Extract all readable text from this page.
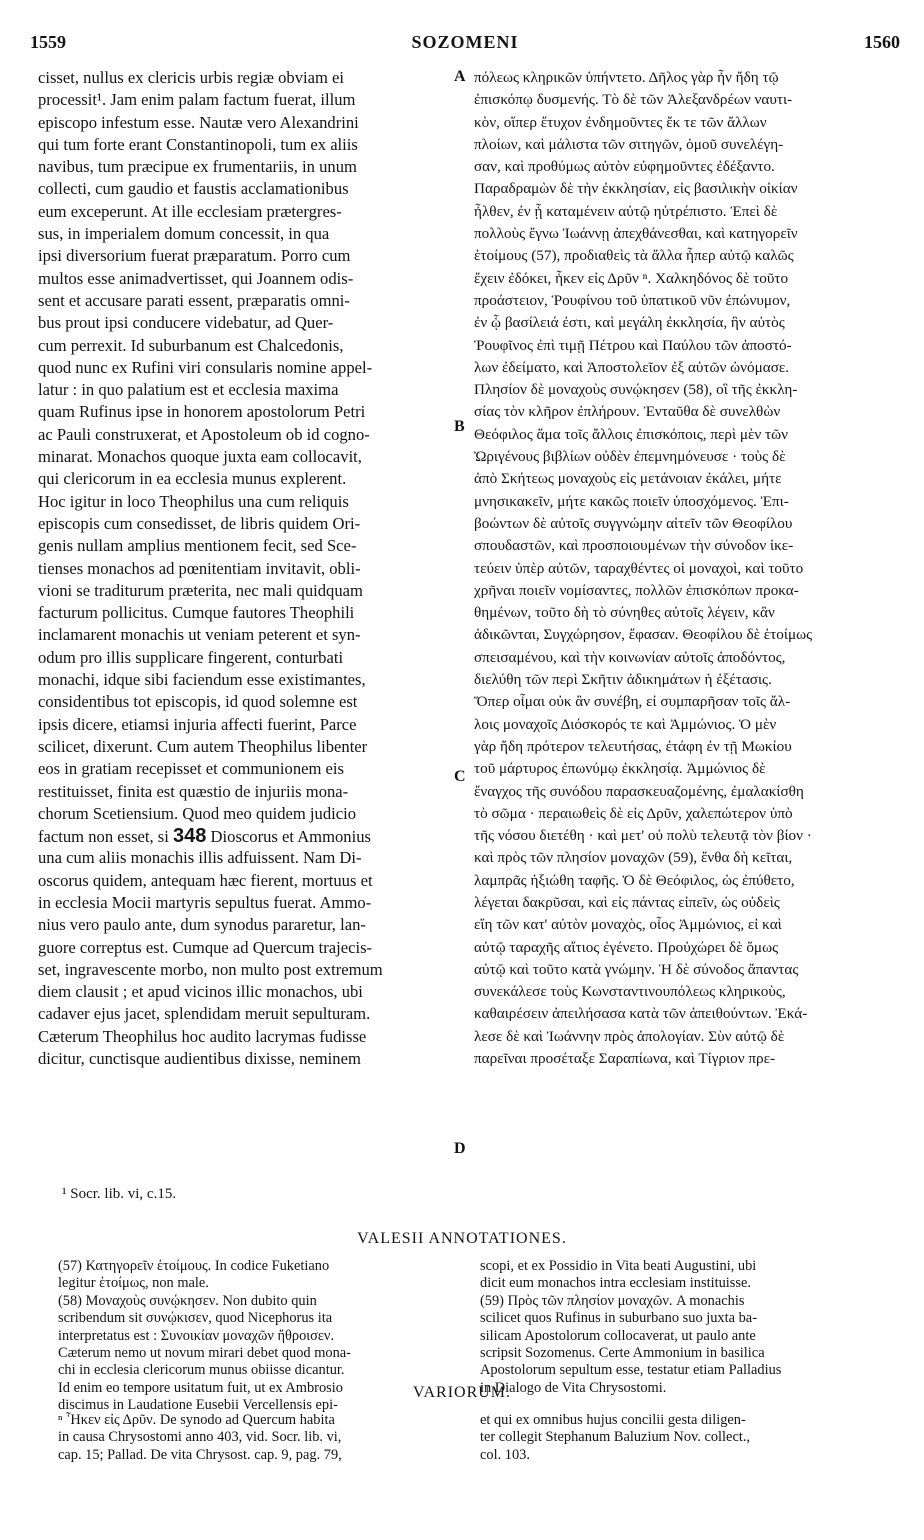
1559	SOZOMENI	1560
cisset, nullus ex clericis urbis regiæ obviam ei
processit¹. Jam enim palam factum fuerat, illum
episcopo infestum esse. Nautæ vero Alexandrini
qui tum forte erant Constantinopoli, tum ex aliis
navibus, tum præcipue ex frumentariis, in unum
collecti, cum gaudio et faustis acclamationibus
eum exceperunt. At ille ecclesiam prætergres-
sus, in imperialem domum concessit, in qua
ipsi diversorium fuerat præparatum. Porro cum
multos esse animadvertisset, qui Joannem odis-
sent et accusare parati essent, præparatis omni-
bus prout ipsi conducere videbatur, ad Quer-
cum perrexit. Id suburbanum est Chalcedonis,
quod nunc ex Rufini viri consularis nomine appel-
latur : in quo palatium est et ecclesia maxima
quam Rufinus ipse in honorem apostolorum Petri
ac Pauli construxerat, et Apostoleum ob id cogno-
minarat. Monachos quoque juxta eam collocavit,
qui clericorum in ea ecclesia munus explerent.
Hoc igitur in loco Theophilus una cum reliquis
episcopis cum consedisset, de libris quidem Ori-
genis nullam amplius mentionem fecit, sed Sce-
tienses monachos ad pœnitentiam invitavit, obli-
vioni se traditurum præterita, nec mali quidquam
facturum pollicitus. Cumque fautores Theophili
inclamarent monachis ut veniam peterent et syn-
odum pro illis supplicare fingerent, conturbati
monachi, idque sibi faciendum esse existimantes,
considentibus tot episcopis, id quod solemne est
ipsis dicere, etiamsi injuria affecti fuerint, Parce
scilicet, dixerunt. Cum autem Theophilus libenter
eos in gratiam recepisset et communionem eis
restituisset, finita est quæstio de injuriis mona-
chorum Scetiensium. Quod meo quidem judicio
factum non esset, si 348 Dioscorus et Ammonius
una cum aliis monachis illis adfuissent. Nam Di-
oscorus quidem, antequam hæc fierent, mortuus et
in ecclesia Mocii martyris sepultus fuerat. Ammo-
nius vero paulo ante, dum synodus pararetur, lan-
guore correptus est. Cumque ad Quercum trajecis-
set, ingravescente morbo, non multo post extremum
diem clausit ; et apud vicinos illic monachos, ubi
cadaver ejus jacet, splendidam meruit sepulturam.
Cæterum Theophilus hoc audito lacrymas fudisse
dicitur, cunctisque audientibus dixisse, neminem
πόλεως κληρικῶν ὑπήντετο. Δῆλος γὰρ ἦν ἤδη τῷ
ἐπισκόπῳ δυσμενής. Τὸ δὲ τῶν Ἀλεξανδρέων ναυτι-
κὸν, οἵπερ ἔτυχον ἐνδημοῦντες ἔκ τε τῶν ἄλλων
πλοίων, καὶ μάλιστα τῶν σιτηγῶν, ὁμοῦ συνελέγη-
σαν, καὶ προθύμως αὐτὸν εὐφημοῦντες ἐδέξαντο.
Παραδραμὼν δὲ τὴν ἐκκλησίαν, εἰς βασιλικὴν οἰκίαν
ἦλθεν, ἐν ᾗ καταμένειν αὐτῷ ηὐτρέπιστο. Ἐπεὶ δὲ
πολλοὺς ἔγνω Ἰωάννῃ ἀπεχθάνεσθαι, καὶ κατηγορεῖν
ἑτοίμους (57), προδιαθεὶς τὰ ἄλλα ἧπερ αὐτῷ καλῶς
ἔχειν ἐδόκει, ἧκεν εἰς Δρῦν ⁿ. Χαλκηδόνος δὲ τοῦτο
προάστειον, Ῥουφίνου τοῦ ὑπατικοῦ νῦν ἐπώνυμον,
ἐν ᾧ βασίλειά ἐστι, καὶ μεγάλη ἐκκλησία, ἣν αὐτὸς
Ῥουφῖνος ἐπὶ τιμῇ Πέτρου καὶ Παύλου τῶν ἀποστό-
λων ἐδείματο, καὶ Ἀποστολεῖον ἐξ αὐτῶν ὠνόμασε.
Πλησίον δὲ μοναχοὺς συνῴκησεν (58), οἳ τῆς ἐκκλη-
σίας τὸν κλῆρον ἐπλήρουν. Ἐνταῦθα δὲ συνελθὼν
Θεόφιλος ἅμα τοῖς ἄλλοις ἐπισκόποις, περὶ μὲν τῶν
Ὠριγένους βιβλίων οὐδὲν ἐπεμνημόνευσε · τοὺς δὲ
ἀπὸ Σκήτεως μοναχοὺς εἰς μετάνοιαν ἐκάλει, μήτε
μνησικακεῖν, μήτε κακῶς ποιεῖν ὑποσχόμενος. Ἐπι-
βοώντων δὲ αὐτοῖς συγγνώμην αἰτεῖν τῶν Θεοφίλου
σπουδαστῶν, καὶ προσποιουμένων τὴν σύνοδον ἱκε-
τεύειν ὑπὲρ αὐτῶν, ταραχθέντες οἱ μοναχοὶ, καὶ τοῦτο
χρῆναι ποιεῖν νομίσαντες, πολλῶν ἐπισκόπων προκα-
θημένων, τοῦτο δὴ τὸ σύνηθες αὐτοῖς λέγειν, κἂν
ἀδικῶνται, Συγχώρησον, ἔφασαν. Θεοφίλου δὲ ἑτοίμως
σπεισαμένου, καὶ τὴν κοινωνίαν αὐτοῖς ἀποδόντος,
διελύθη τῶν περὶ Σκῆτιν ἀδικημάτων ἡ ἐξέτασις.
Ὅπερ οἶμαι οὐκ ἂν συνέβη, εἰ συμπαρῆσαν τοῖς ἄλ-
λοις μοναχοῖς Διόσκορός τε καὶ Ἀμμώνιος. Ὁ μὲν
γὰρ ἤδη πρότερον τελευτήσας, ἐτάφη ἐν τῇ Μωκίου
τοῦ μάρτυρος ἐπωνύμῳ ἐκκλησίᾳ. Ἀμμώνιος δὲ
ἔναγχος τῆς συνόδου παρασκευαζομένης, ἐμαλακίσθη
τὸ σῶμα · περαιωθεὶς δὲ εἰς Δρῦν, χαλεπώτερον ὑπὸ
τῆς νόσου διετέθη · καὶ μετ' οὐ πολὺ τελευτᾷ τὸν βίον ·
καὶ πρὸς τῶν πλησίον μοναχῶν (59), ἔνθα δὴ κεῖται,
λαμπρᾶς ἠξιώθη ταφῆς. Ὁ δὲ Θεόφιλος, ὡς ἐπύθετο,
λέγεται δακρῦσαι, καὶ εἰς πάντας εἰπεῖν, ὡς οὐδεὶς
εἴη τῶν κατ' αὐτὸν μοναχὸς, οἷος Ἀμμώνιος, εἰ καὶ
αὐτῷ ταραχῆς αἴτιος ἐγένετο. Προὐχώρει δὲ ὅμως
αὐτῷ καὶ τοῦτο κατὰ γνώμην. Ἡ δὲ σύνοδος ἅπαντας
συνεκάλεσε τοὺς Κωνσταντινουπόλεως κληρικοὺς,
καθαιρέσειν ἀπειλήσασα κατὰ τῶν ἀπειθούντων. Ἐκά-
λεσε δὲ καὶ Ἰωάννην πρὸς ἀπολογίαν. Σὺν αὐτῷ δὲ
παρεῖναι προσέταξε Σαραπίωνα, καὶ Τίγριον πρε-
A
B
C
D
¹ Socr. lib. vi, c.15.
VALESII ANNOTATIONES.
(57) Κατηγορεῖν ἑτοίμους. In codice Fuketiano
legitur ἑτοίμως, non male.
(58) Μοναχοὺς συνῴκησεν. Non dubito quin
scribendum sit συνῴκισεν, quod Nicephorus ita
interpretatus est : Συνοικίαν μοναχῶν ἤθροισεν.
Cæterum nemo ut novum mirari debet quod mona-
chi in ecclesia clericorum munus obiisse dicantur.
Id enim eo tempore usitatum fuit, ut ex Ambrosio
discimus in Laudatione Eusebii Vercellensis epi-
scopi, et ex Possidio in Vita beati Augustini, ubi
dicit eum monachos intra ecclesiam instituisse.
(59) Πρὸς τῶν πλησίον μοναχῶν. A monachis
scilicet quos Rufinus in suburbano suo juxta ba-
silicam Apostolorum collocaverat, ut paulo ante
scripsit Sozomenus. Certe Ammonium in basilica
Apostolorum sepultum esse, testatur etiam Palladius
in Dialogo de Vita Chrysostomi.
VARIORUM.
ⁿ Ἧκεν εἰς Δρῦν. De synodo ad Quercum habita
in causa Chrysostomi anno 403, vid. Socr. lib. vi,
cap. 15; Pallad. De vita Chrysost. cap. 9, pag. 79,
et qui ex omnibus hujus concilii gesta diligen-
ter collegit Stephanum Baluzium Nov. collect.,
col. 103.
